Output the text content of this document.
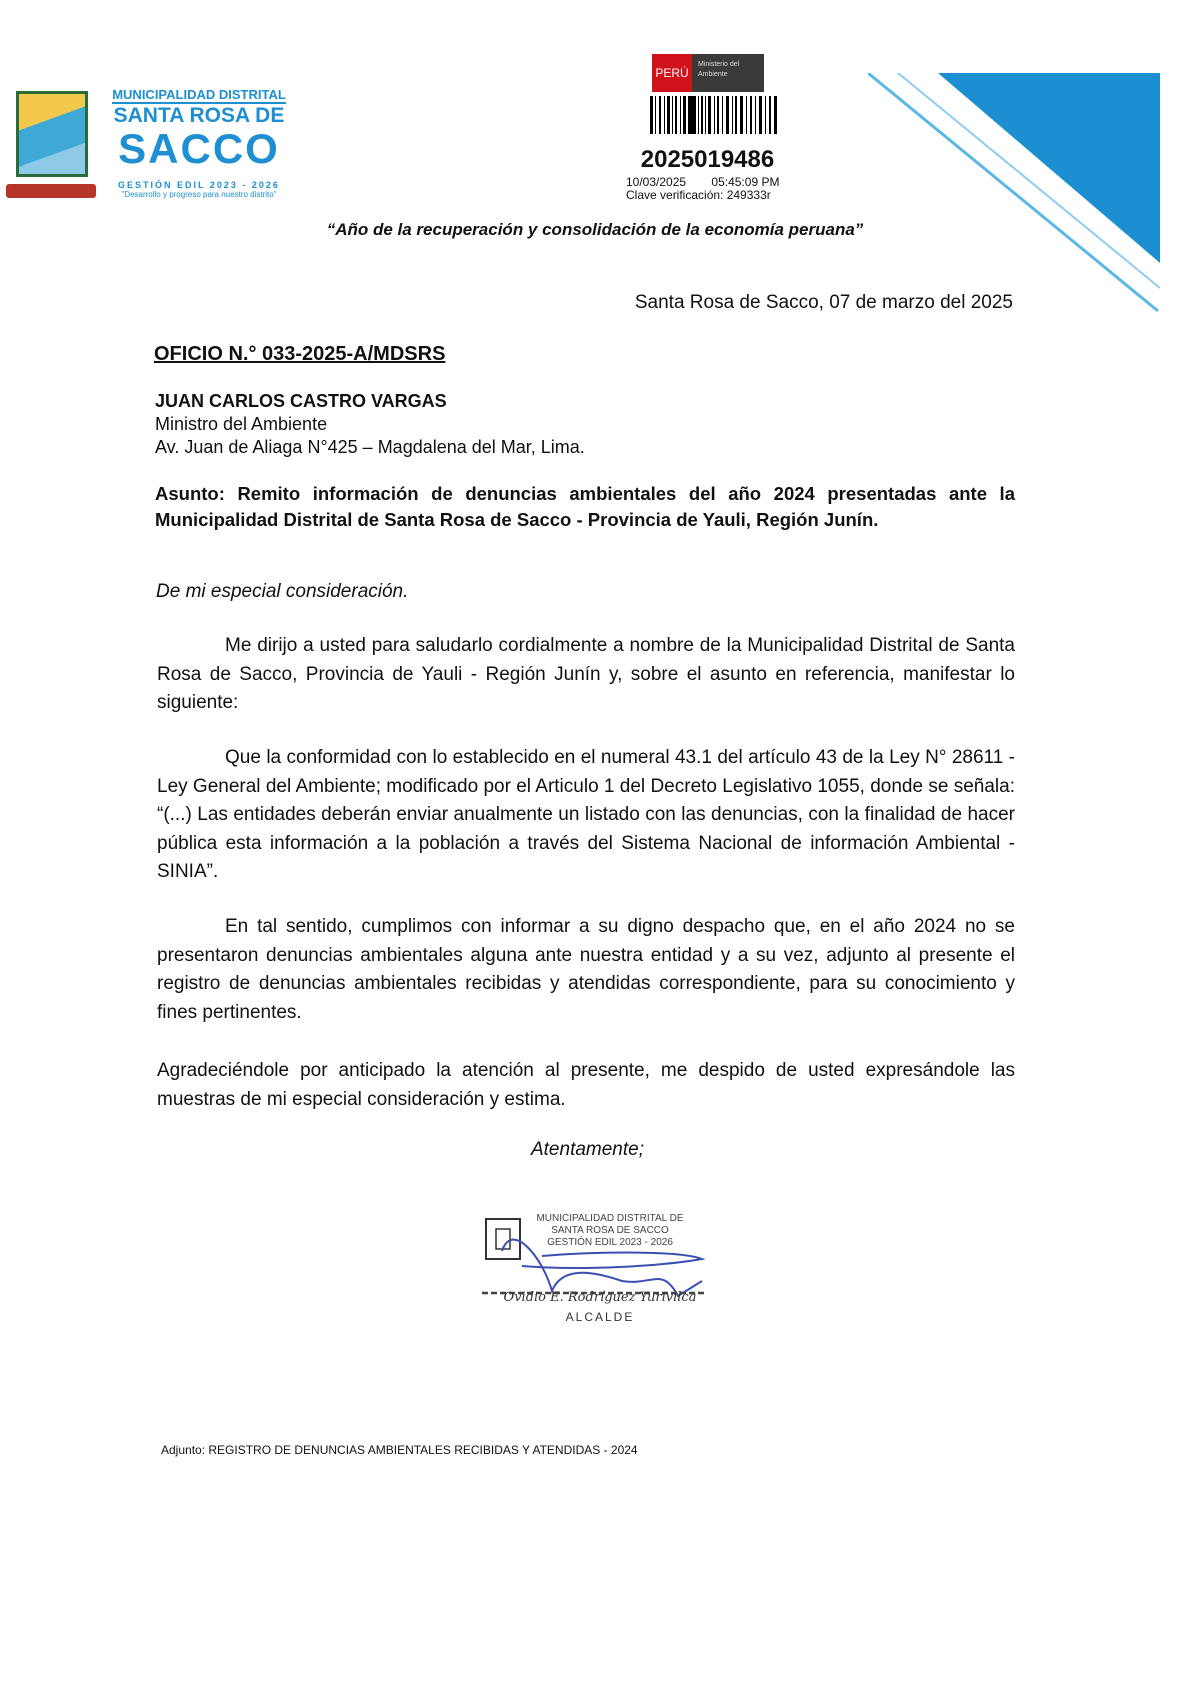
MUNICIPALIDAD DISTRITAL
SANTA ROSA DE
SACCO
GESTIÓN EDIL 2023 - 2026
"Desarrollo y progreso para nuestro distrito"
PERÚ
Ministerio del Ambiente
2025019486
10/03/2025 05:45:09 PM
Clave verificación: 249333r
“Año de la recuperación y consolidación de la economía peruana”
Santa Rosa de Sacco, 07 de marzo del 2025
OFICIO N.° 033-2025-A/MDSRS
JUAN CARLOS CASTRO VARGAS
Ministro del Ambiente
Av. Juan de Aliaga N°425 – Magdalena del Mar, Lima.
Asunto: Remito información de denuncias ambientales del año 2024 presentadas ante la Municipalidad Distrital de Santa Rosa de Sacco - Provincia de Yauli, Región Junín.
De mi especial consideración.
Me dirijo a usted para saludarlo cordialmente a nombre de la Municipalidad Distrital de Santa Rosa de Sacco, Provincia de Yauli - Región Junín y, sobre el asunto en referencia, manifestar lo siguiente:
Que la conformidad con lo establecido en el numeral 43.1 del artículo 43 de la Ley N° 28611 - Ley General del Ambiente; modificado por el Articulo 1 del Decreto Legislativo 1055, donde se señala: “(...) Las entidades deberán enviar anualmente un listado con las denuncias, con la finalidad de hacer pública esta información a la población a través del Sistema Nacional de información Ambiental - SINIA”.
En tal sentido, cumplimos con informar a su digno despacho que, en el año 2024 no se presentaron denuncias ambientales alguna ante nuestra entidad y a su vez, adjunto al presente el registro de denuncias ambientales recibidas y atendidas correspondiente, para su conocimiento y fines pertinentes.
Agradeciéndole por anticipado la atención al presente, me despido de usted expresándole las muestras de mi especial consideración y estima.
Atentamente;
MUNICIPALIDAD DISTRITAL DE
SANTA ROSA DE SACCO
GESTIÓN EDIL 2023 - 2026
Ovidio E. Rodríguez Yurivilca
ALCALDE
Adjunto: REGISTRO DE DENUNCIAS AMBIENTALES RECIBIDAS Y ATENDIDAS - 2024
